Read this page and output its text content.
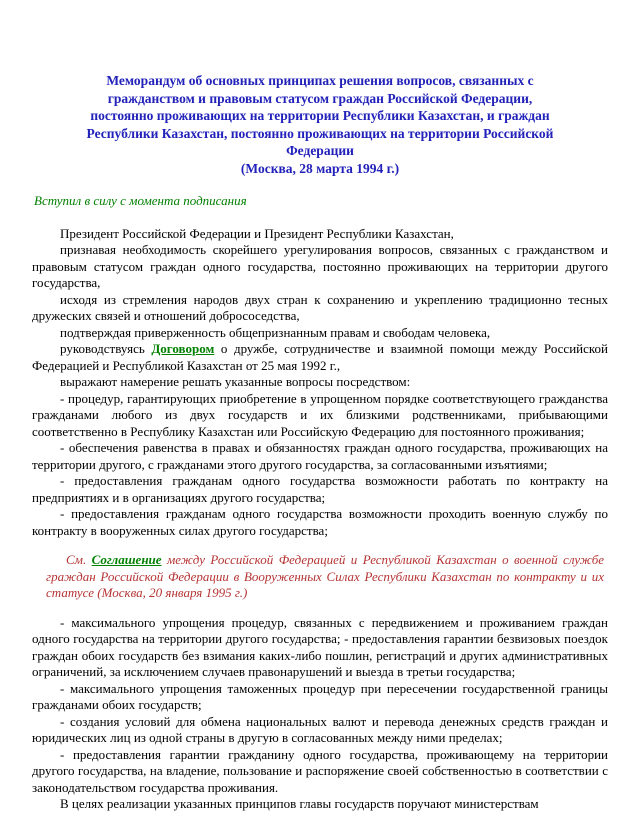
Меморандум об основных принципах решения вопросов, связанных с гражданством и правовым статусом граждан Российской Федерации, постоянно проживающих на территории Республики Казахстан, и граждан Республики Казахстан, постоянно проживающих на территории Российской Федерации
(Москва, 28 марта 1994 г.)
Вступил в силу с момента подписания

Президент Российской Федерации и Президент Республики Казахстан,

признавая необходимость скорейшего урегулирования вопросов, связанных с гражданством и правовым статусом граждан одного государства, постоянно проживающих на территории другого государства,

исходя из стремления народов двух стран к сохранению и укреплению традиционно тесных дружеских связей и отношений добрососедства,

подтверждая приверженность общепризнанным правам и свободам человека,

руководствуясь Договором о дружбе, сотрудничестве и взаимной помощи между Российской Федерацией и Республикой Казахстан от 25 мая 1992 г.,

выражают намерение решать указанные вопросы посредством:

- процедур, гарантирующих приобретение в упрощенном порядке соответствующего гражданства гражданами любого из двух государств и их близкими родственниками, прибывающими соответственно в Республику Казахстан или Российскую Федерацию для постоянного проживания;

- обеспечения равенства в правах и обязанностях граждан одного государства, проживающих на территории другого, с гражданами этого другого государства, за согласованными изъятиями;

- предоставления гражданам одного государства возможности работать по контракту на предприятиях и в организациях другого государства;

- предоставления гражданам одного государства возможности проходить военную службу по контракту в вооруженных силах другого государства;

См. Соглашение между Российской Федерацией и Республикой Казахстан о военной службе граждан Российской Федерации в Вооруженных Силах Республики Казахстан по контракту и их статусе (Москва, 20 января 1995 г.)

- максимального упрощения процедур, связанных с передвижением и проживанием граждан одного государства на территории другого государства; - предоставления гарантии безвизовых поездок граждан обоих государств без взимания каких-либо пошлин, регистраций и других административных ограничений, за исключением случаев правонарушений и выезда в третьи государства;

- максимального упрощения таможенных процедур при пересечении государственной границы гражданами обоих государств;

- создания условий для обмена национальных валют и перевода денежных средств граждан и юридических лиц из одной страны в другую в согласованных между ними пределах;

- предоставления гарантии гражданину одного государства, проживающему на территории другого государства, на владение, пользование и распоряжение своей собственностью в соответствии с законодательством государства проживания.

В целях реализации указанных принципов главы государств поручают министерствам
